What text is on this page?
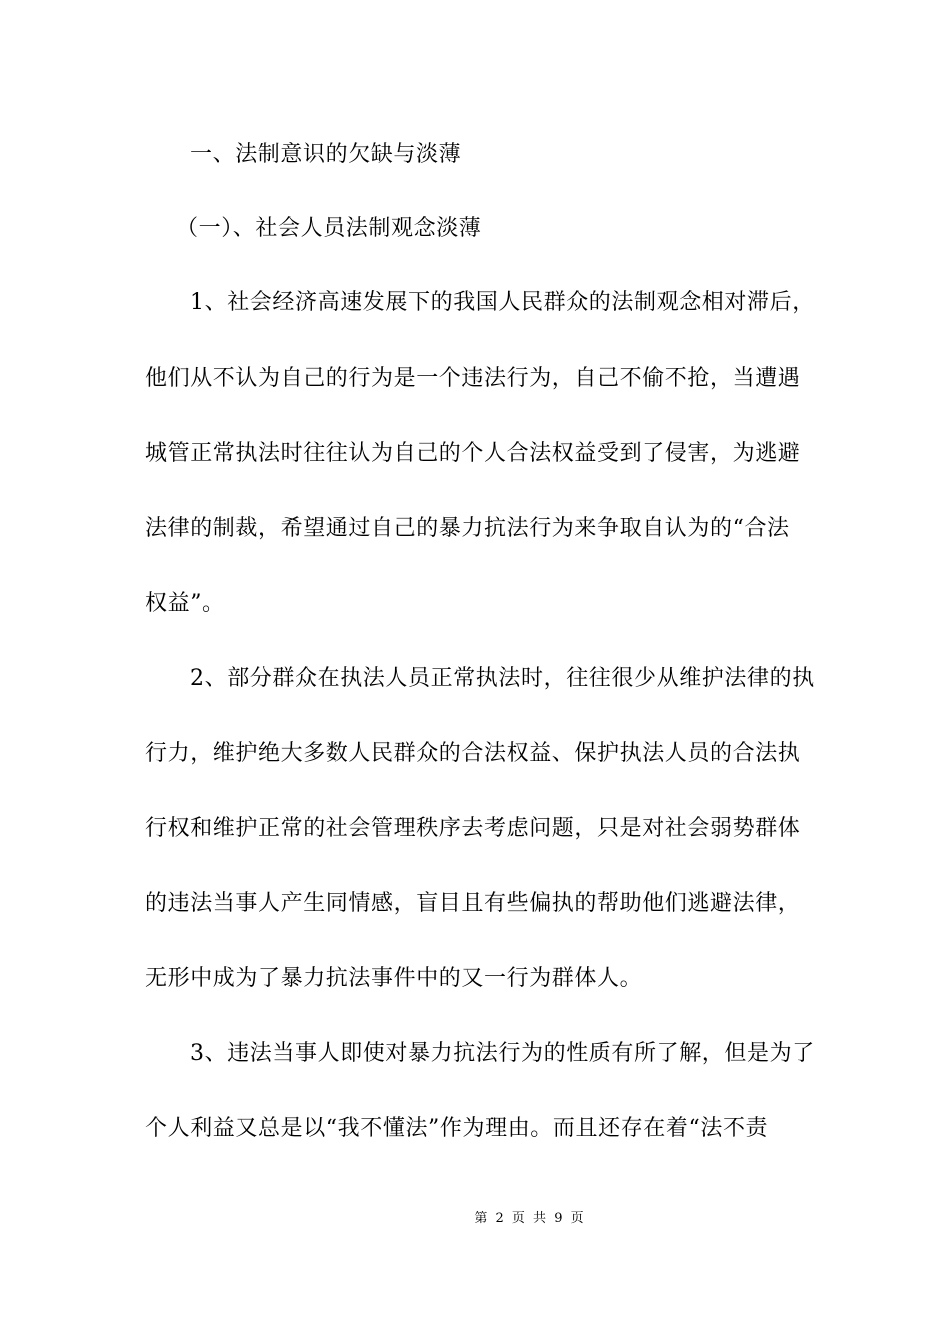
一、法制意识的欠缺与淡薄
（一）、社会人员法制观念淡薄
1、社会经济高速发展下的我国人民群众的法制观念相对滞后，
他们从不认为自己的行为是一个违法行为，自己不偷不抢，当遭遇
城管正常执法时往往认为自己的个人合法权益受到了侵害，为逃避
法律的制裁，希望通过自己的暴力抗法行为来争取自认为的“合法
权益”。
2、部分群众在执法人员正常执法时，往往很少从维护法律的执
行力，维护绝大多数人民群众的合法权益、保护执法人员的合法执
行权和维护正常的社会管理秩序去考虑问题，只是对社会弱势群体
的违法当事人产生同情感，盲目且有些偏执的帮助他们逃避法律，
无形中成为了暴力抗法事件中的又一行为群体人。
3、违法当事人即使对暴力抗法行为的性质有所了解，但是为了
个人利益又总是以“我不懂法”作为理由。而且还存在着“法不责
第 2 页 共 9 页
